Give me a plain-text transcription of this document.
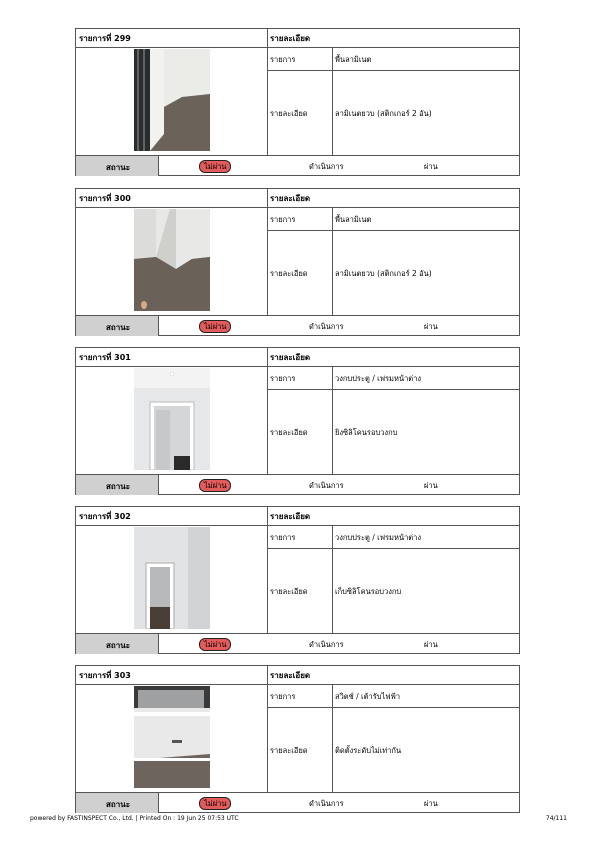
รายการที่ 299	รายละเอียด
รายการ	พื้นลามิเนต
รายละเอียด	ลามิเนตยวบ (สติกเกอร์ 2 อัน)
สถานะ	ไม่ผ่าน	ดำเนินการ	ผ่าน
รายการที่ 300	รายละเอียด
รายการ	พื้นลามิเนต
รายละเอียด	ลามิเนตยวบ (สติกเกอร์ 2 อัน)
สถานะ	ไม่ผ่าน	ดำเนินการ	ผ่าน
รายการที่ 301	รายละเอียด
รายการ	วงกบประตู / เฟรมหน้าต่าง
รายละเอียด	ยิงซิลิโคนรอบวงกบ
สถานะ	ไม่ผ่าน	ดำเนินการ	ผ่าน
รายการที่ 302	รายละเอียด
รายการ	วงกบประตู / เฟรมหน้าต่าง
รายละเอียด	เก็บซิลิโคนรอบวงกบ
สถานะ	ไม่ผ่าน	ดำเนินการ	ผ่าน
รายการที่ 303	รายละเอียด
รายการ	สวิตช์ / เต้ารับไฟฟ้า
รายละเอียด	ติดตั้งระดับไม่เท่ากัน
สถานะ	ไม่ผ่าน	ดำเนินการ	ผ่าน
powered by FASTINSPECT Co., Ltd. | Printed On : 19 Jun 25 07:53 UTC	74/111
